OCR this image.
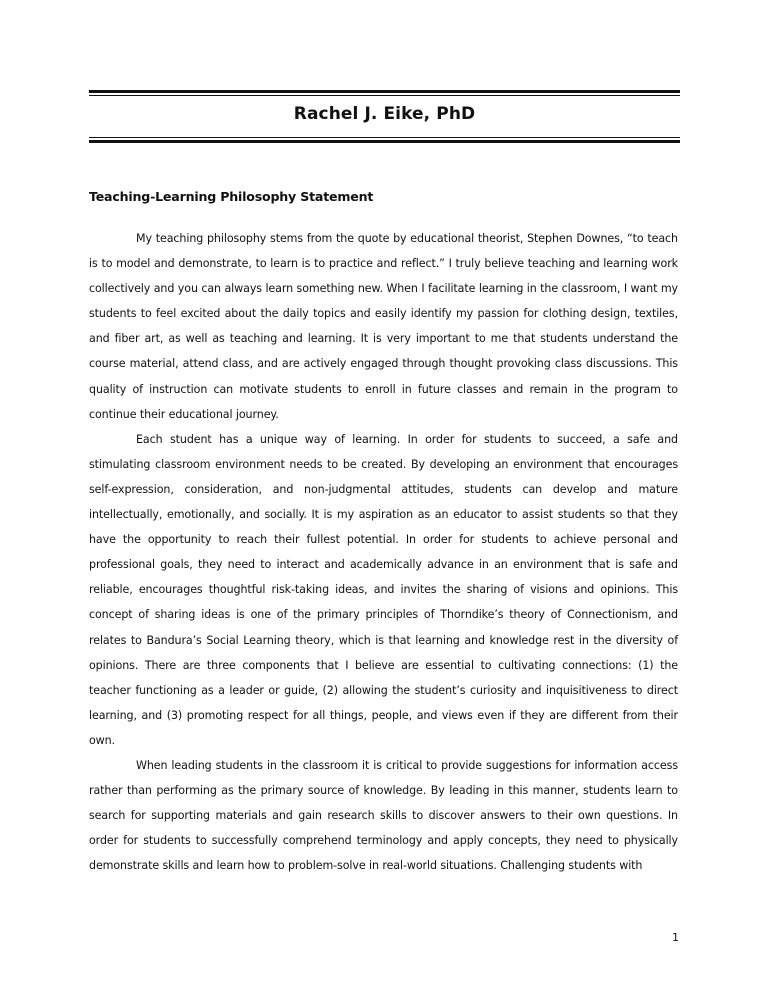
Rachel J. Eike, PhD
Teaching-Learning Philosophy Statement

My teaching philosophy stems from the quote by educational theorist, Stephen Downes, “to teach is to model and demonstrate, to learn is to practice and reflect.” I truly believe teaching and learning work collectively and you can always learn something new. When I facilitate learning in the classroom, I want my students to feel excited about the daily topics and easily identify my passion for clothing design, textiles, and fiber art, as well as teaching and learning. It is very important to me that students understand the course material, attend class, and are actively engaged through thought provoking class discussions. This quality of instruction can motivate students to enroll in future classes and remain in the program to continue their educational journey.

Each student has a unique way of learning. In order for students to succeed, a safe and stimulating classroom environment needs to be created. By developing an environment that encourages self-expression, consideration, and non-judgmental attitudes, students can develop and mature intellectually, emotionally, and socially. It is my aspiration as an educator to assist students so that they have the opportunity to reach their fullest potential. In order for students to achieve personal and professional goals, they need to interact and academically advance in an environment that is safe and reliable, encourages thoughtful risk-taking ideas, and invites the sharing of visions and opinions. This concept of sharing ideas is one of the primary principles of Thorndike’s theory of Connectionism, and relates to Bandura’s Social Learning theory, which is that learning and knowledge rest in the diversity of opinions. There are three components that I believe are essential to cultivating connections: (1) the teacher functioning as a leader or guide, (2) allowing the student’s curiosity and inquisitiveness to direct learning, and (3) promoting respect for all things, people, and views even if they are different from their own.

When leading students in the classroom it is critical to provide suggestions for information access rather than performing as the primary source of knowledge. By leading in this manner, students learn to search for supporting materials and gain research skills to discover answers to their own questions. In order for students to successfully comprehend terminology and apply concepts, they need to physically demonstrate skills and learn how to problem-solve in real-world situations. Challenging students with

1
